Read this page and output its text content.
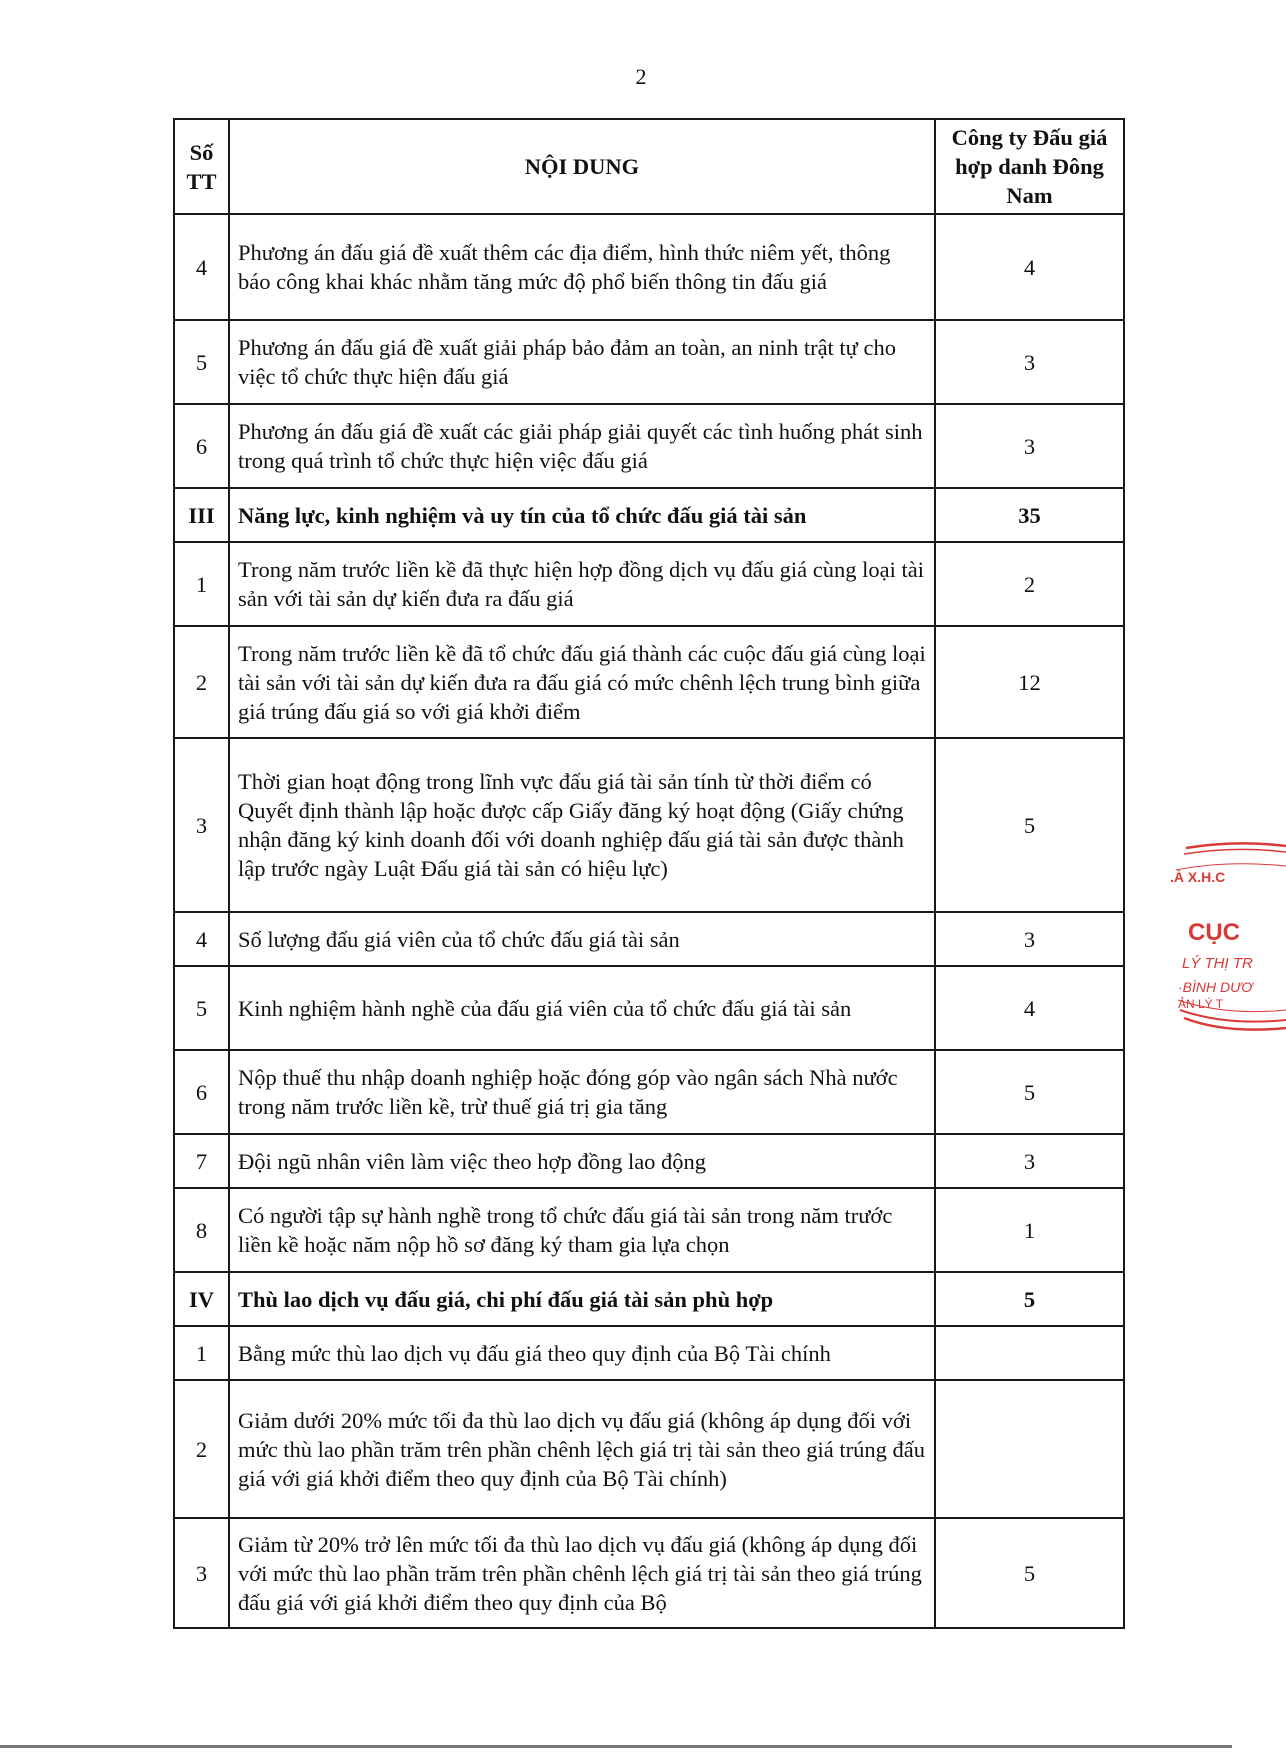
2
Số TT	NỘI DUNG	Công ty Đấu giá hợp danh Đông Nam
4	Phương án đấu giá đề xuất thêm các địa điểm, hình thức niêm yết, thông báo công khai khác nhằm tăng mức độ phổ biến thông tin đấu giá	4
5	Phương án đấu giá đề xuất giải pháp bảo đảm an toàn, an ninh trật tự cho việc tổ chức thực hiện đấu giá	3
6	Phương án đấu giá đề xuất các giải pháp giải quyết các tình huống phát sinh trong quá trình tổ chức thực hiện việc đấu giá	3
III	Năng lực, kinh nghiệm và uy tín của tổ chức đấu giá tài sản	35
1	Trong năm trước liền kề đã thực hiện hợp đồng dịch vụ đấu giá cùng loại tài sản với tài sản dự kiến đưa ra đấu giá	2
2	Trong năm trước liền kề đã tổ chức đấu giá thành các cuộc đấu giá cùng loại tài sản với tài sản dự kiến đưa ra đấu giá có mức chênh lệch trung bình giữa giá trúng đấu giá so với giá khởi điểm	12
3	Thời gian hoạt động trong lĩnh vực đấu giá tài sản tính từ thời điểm có Quyết định thành lập hoặc được cấp Giấy đăng ký hoạt động (Giấy chứng nhận đăng ký kinh doanh đối với doanh nghiệp đấu giá tài sản được thành lập trước ngày Luật Đấu giá tài sản có hiệu lực)	5
4	Số lượng đấu giá viên của tổ chức đấu giá tài sản	3
5	Kinh nghiệm hành nghề của đấu giá viên của tổ chức đấu giá tài sản	4
6	Nộp thuế thu nhập doanh nghiệp hoặc đóng góp vào ngân sách Nhà nước trong năm trước liền kề, trừ thuế giá trị gia tăng	5
7	Đội ngũ nhân viên làm việc theo hợp đồng lao động	3
8	Có người tập sự hành nghề trong tổ chức đấu giá tài sản trong năm trước liền kề hoặc năm nộp hồ sơ đăng ký tham gia lựa chọn	1
IV	Thù lao dịch vụ đấu giá, chi phí đấu giá tài sản phù hợp	5
1	Bằng mức thù lao dịch vụ đấu giá theo quy định của Bộ Tài chính	
2	Giảm dưới 20% mức tối đa thù lao dịch vụ đấu giá (không áp dụng đối với mức thù lao phần trăm trên phần chênh lệch giá trị tài sản theo giá trúng đấu giá với giá khởi điểm theo quy định của Bộ Tài chính)	
3	Giảm từ 20% trở lên mức tối đa thù lao dịch vụ đấu giá (không áp dụng đối với mức thù lao phần trăm trên phần chênh lệch giá trị tài sản theo giá trúng đấu giá với giá khởi điểm theo quy định của Bộ	5
.À X.H.C
CỤC
LÝ THỊ TR
·BÌNH DƯƠ
ẢN LÝ T
